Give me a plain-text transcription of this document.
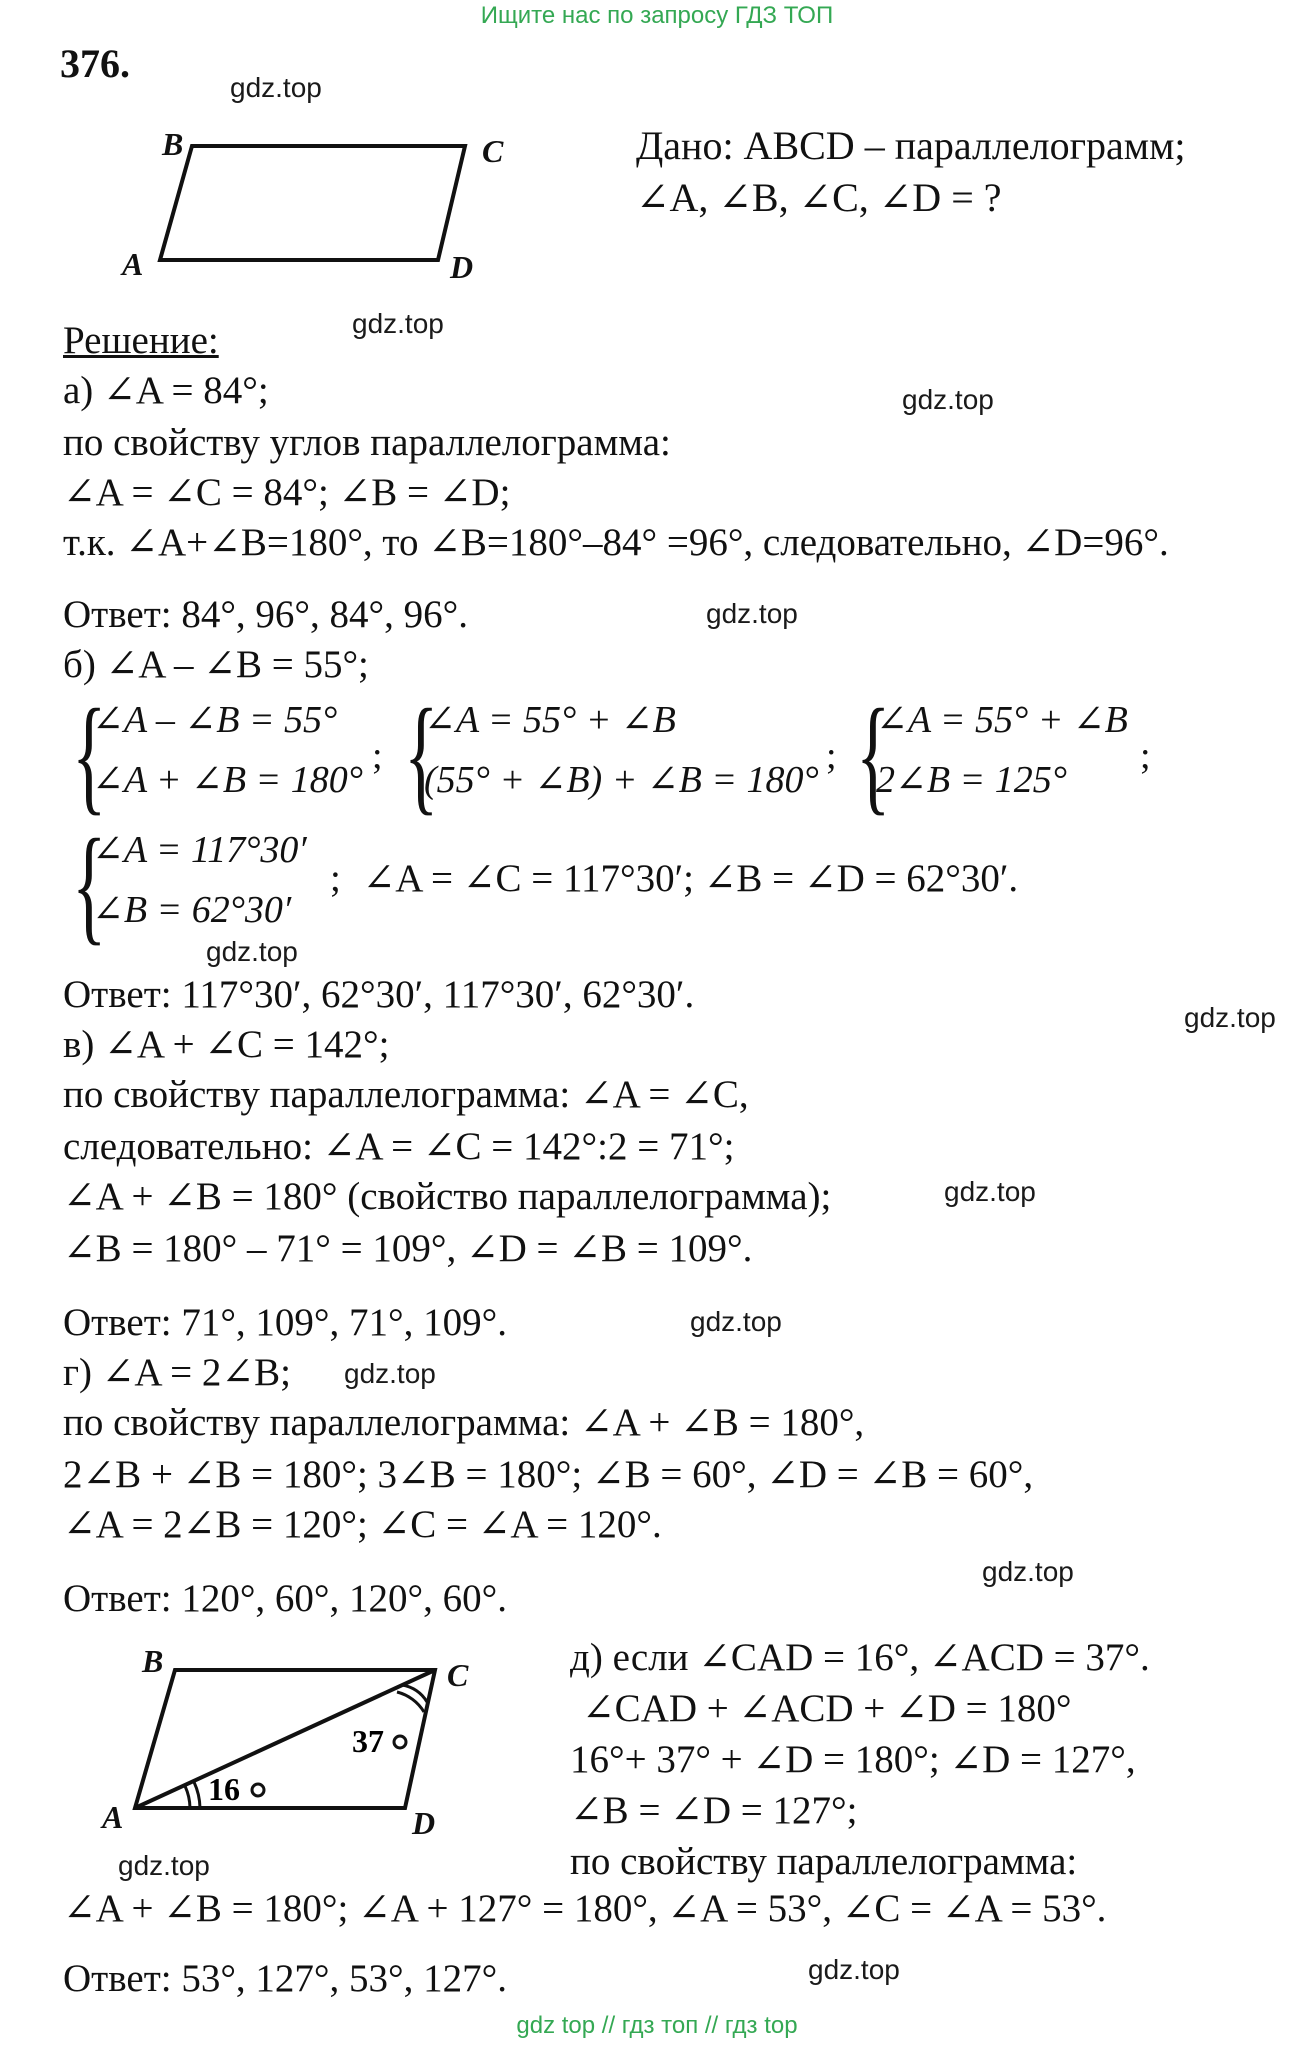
Ищите нас по запросу ГДЗ ТОП
376.
B	C
A	D
Дано: ABCD – параллелограмм;
∠A, ∠B, ∠C, ∠D = ?
gdz.top
gdz.top
gdz.top
gdz.top
gdz.top
gdz.top
gdz.top
gdz.top
gdz.top
gdz.top
gdz.top
gdz.top
Решение:
а) ∠A = 84°;
по свойству углов параллелограмма:
∠A = ∠C = 84°; ∠B = ∠D;
т.к. ∠A+∠B=180°, то ∠B=180°–84° =96°, следовательно, ∠D=96°.
Ответ: 84°, 96°, 84°, 96°.
б) ∠A – ∠B = 55°;
{
∠A – ∠B = 55°
∠A + ∠B = 180°
; {
∠A = 55° + ∠B
(55° + ∠B) + ∠B = 180°
; {
∠A = 55° + ∠B
2∠B = 125°
;
{
∠A = 117°30′
∠B = 62°30′
; ∠A = ∠C = 117°30′; ∠B = ∠D = 62°30′.
Ответ: 117°30′, 62°30′, 117°30′, 62°30′.
в) ∠A + ∠C = 142°;
по свойству параллелограмма: ∠A = ∠C,
следовательно: ∠A = ∠C = 142°:2 = 71°;
∠A + ∠B = 180° (свойство параллелограмма);
∠B = 180° – 71° = 109°, ∠D = ∠B = 109°.
Ответ: 71°, 109°, 71°, 109°.
г) ∠A = 2∠B;
по свойству параллелограмма: ∠A + ∠B = 180°,
2∠B + ∠B = 180°; 3∠B = 180°; ∠B = 60°, ∠D = ∠B = 60°,
∠A = 2∠B = 120°; ∠C = ∠A = 120°.
Ответ: 120°, 60°, 120°, 60°.
16
37
B	C
A	D
д) если ∠CAD = 16°, ∠ACD = 37°.
∠CAD + ∠ACD + ∠D = 180°
16°+ 37° + ∠D = 180°; ∠D = 127°,
∠B = ∠D = 127°;
по свойству параллелограмма:
∠A + ∠B = 180°; ∠A + 127° = 180°, ∠A = 53°, ∠C = ∠A = 53°.
Ответ: 53°, 127°, 53°, 127°.
gdz top // гдз топ // гдз top
